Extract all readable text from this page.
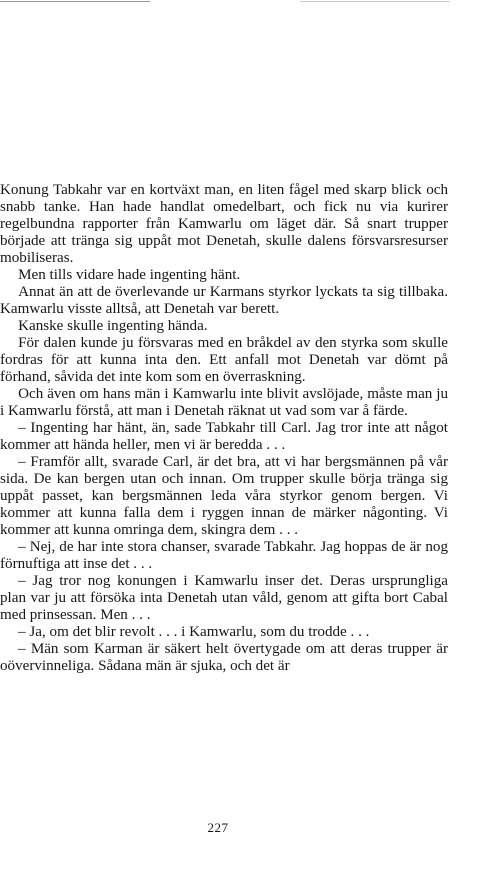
Konung Tabkahr var en kortväxt man, en liten fågel med skarp blick och snabb tanke. Han hade handlat omedelbart, och fick nu via kurirer regelbundna rapporter från Kamwarlu om läget där. Så snart trupper började att tränga sig uppåt mot Denetah, skulle dalens försvarsresurser mobiliseras.

Men tills vidare hade ingenting hänt.

Annat än att de överlevande ur Karmans styrkor lyckats ta sig tillbaka. Kamwarlu visste alltså, att Denetah var berett.

Kanske skulle ingenting hända.

För dalen kunde ju försvaras med en bråkdel av den styrka som skulle fordras för att kunna inta den. Ett anfall mot Denetah var dömt på förhand, såvida det inte kom som en överraskning.

Och även om hans män i Kamwarlu inte blivit avslöjade, måste man ju i Kamwarlu förstå, att man i Denetah räknat ut vad som var å färde.

– Ingenting har hänt, än, sade Tabkahr till Carl. Jag tror inte att något kommer att hända heller, men vi är beredda . . .

– Framför allt, svarade Carl, är det bra, att vi har bergsmännen på vår sida. De kan bergen utan och innan. Om trupper skulle börja tränga sig uppåt passet, kan bergsmännen leda våra styrkor genom bergen. Vi kommer att kunna falla dem i ryggen innan de märker någonting. Vi kommer att kunna omringa dem, skingra dem . . .

– Nej, de har inte stora chanser, svarade Tabkahr. Jag hoppas de är nog förnuftiga att inse det . . .

– Jag tror nog konungen i Kamwarlu inser det. Deras ursprungliga plan var ju att försöka inta Denetah utan våld, genom att gifta bort Cabal med prinsessan. Men . . .

– Ja, om det blir revolt . . . i Kamwarlu, som du trodde . . .

– Män som Karman är säkert helt övertygade om att deras trupper är oövervinneliga. Sådana män är sjuka, och det är

227
